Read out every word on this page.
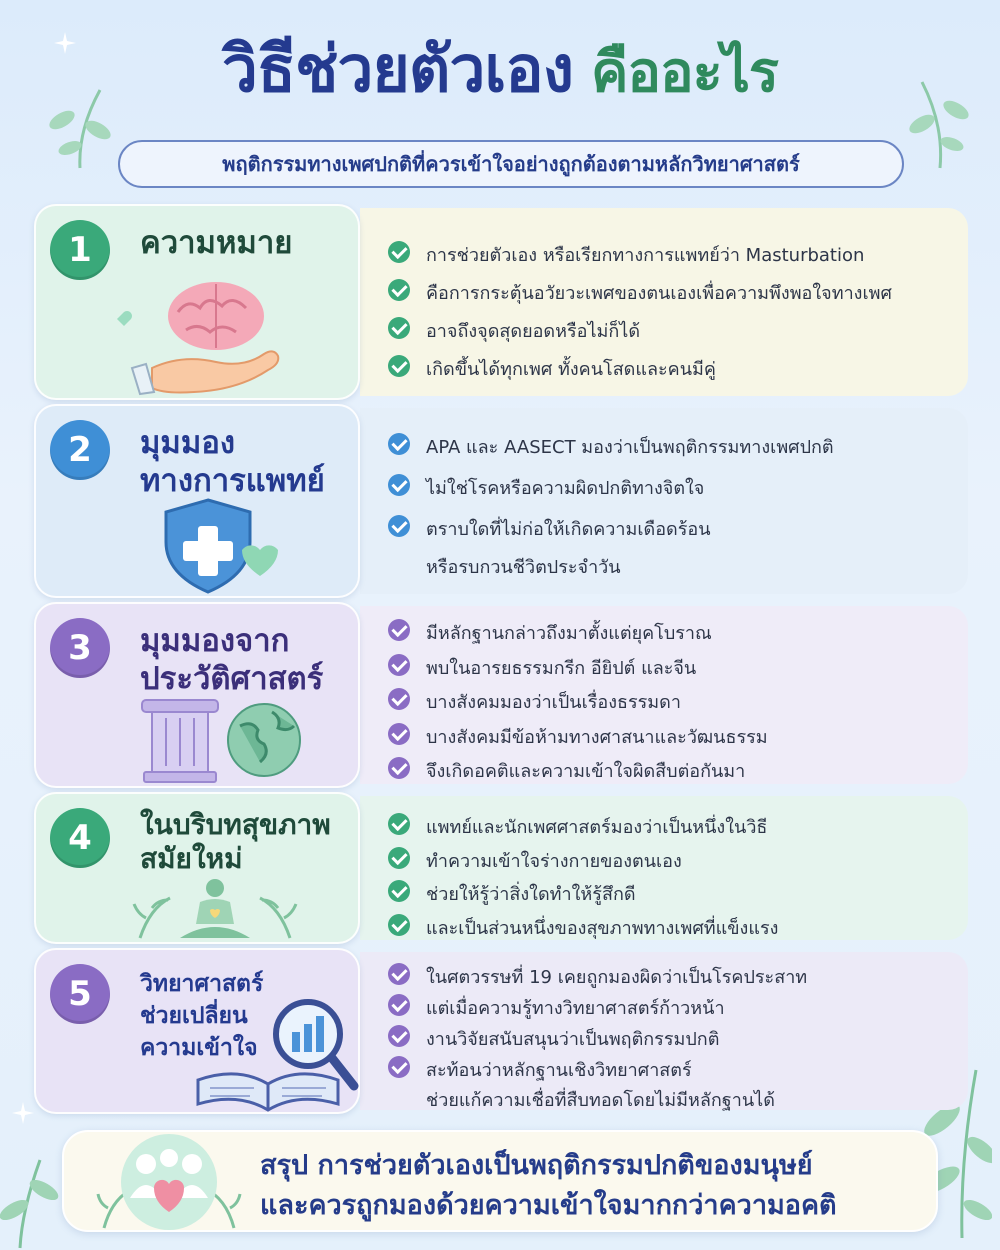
วิธีช่วยตัวเอง คืออะไร
พฤติกรรมทางเพศปกติที่ควรเข้าใจอย่างถูกต้องตามหลักวิทยาศาสตร์
1	ความหมาย	การช่วยตัวเอง หรือเรียกทางการแพทย์ว่า Masturbation
คือการกระตุ้นอวัยวะเพศของตนเองเพื่อความพึงพอใจทางเพศ
อาจถึงจุดสุดยอดหรือไม่ก็ได้
เกิดขึ้นได้ทุกเพศ ทั้งคนโสดและคนมีคู่
2	มุมมอง
ทางการแพทย์
APA และ AASECT มองว่าเป็นพฤติกรรมทางเพศปกติ
ไม่ใช่โรคหรือความผิดปกติทางจิตใจ
ตราบใดที่ไม่ก่อให้เกิดความเดือดร้อน
หรือรบกวนชีวิตประจำวัน
3	มุมมองจาก
ประวัติศาสตร์
มีหลักฐานกล่าวถึงมาตั้งแต่ยุคโบราณ
พบในอารยธรรมกรีก อียิปต์ และจีน
บางสังคมมองว่าเป็นเรื่องธรรมดา
บางสังคมมีข้อห้ามทางศาสนาและวัฒนธรรม
จึงเกิดอคติและความเข้าใจผิดสืบต่อกันมา
4	ในบริบทสุขภาพ
สมัยใหม่
แพทย์และนักเพศศาสตร์มองว่าเป็นหนึ่งในวิธี
ทำความเข้าใจร่างกายของตนเอง
ช่วยให้รู้ว่าสิ่งใดทำให้รู้สึกดี
และเป็นส่วนหนึ่งของสุขภาพทางเพศที่แข็งแรง
5	วิทยาศาสตร์
ช่วยเปลี่ยน
ความเข้าใจ
ในศตวรรษที่ 19 เคยถูกมองผิดว่าเป็นโรคประสาท
แต่เมื่อความรู้ทางวิทยาศาสตร์ก้าวหน้า
งานวิจัยสนับสนุนว่าเป็นพฤติกรรมปกติ
สะท้อนว่าหลักฐานเชิงวิทยาศาสตร์
ช่วยแก้ความเชื่อที่สืบทอดโดยไม่มีหลักฐานได้
สรุป การช่วยตัวเองเป็นพฤติกรรมปกติของมนุษย์
และควรถูกมองด้วยความเข้าใจมากกว่าความอคติ
